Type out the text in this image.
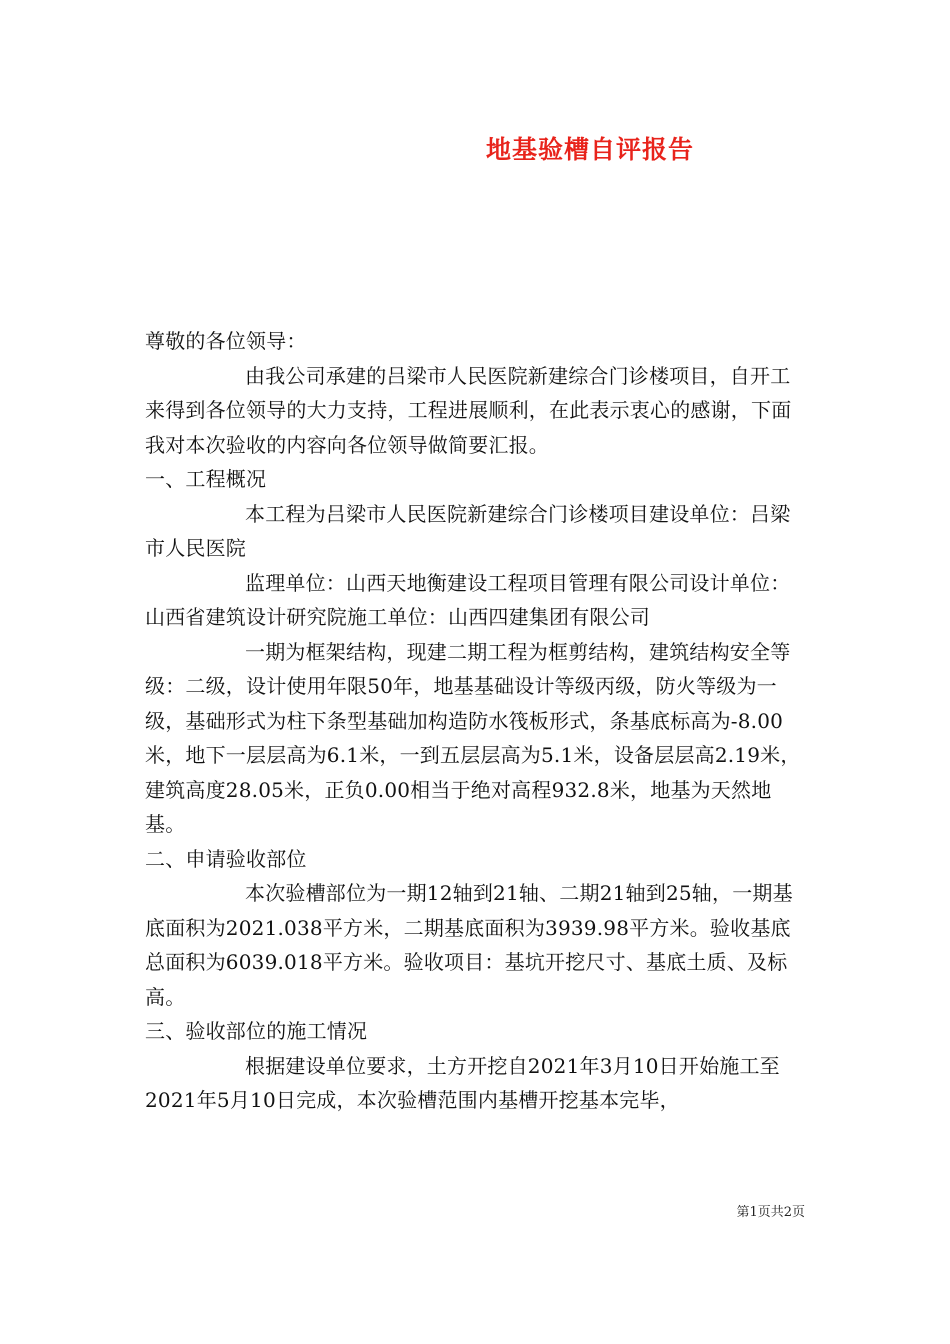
地基验槽自评报告

尊敬的各位领导：

由我公司承建的吕梁市人民医院新建综合门诊楼项目，自开工来得到各位领导的大力支持，工程进展顺利，在此表示衷心的感谢，下面我对本次验收的内容向各位领导做简要汇报。

一、工程概况

本工程为吕梁市人民医院新建综合门诊楼项目建设单位：吕梁市人民医院

监理单位：山西天地衡建设工程项目管理有限公司设计单位：山西省建筑设计研究院施工单位：山西四建集团有限公司

一期为框架结构，现建二期工程为框剪结构，建筑结构安全等级：二级，设计使用年限50年，地基基础设计等级丙级，防火等级为一级，基础形式为柱下条型基础加构造防水筏板形式，条基底标高为-8.00米，地下一层层高为6.1米，一到五层层高为5.1米，设备层层高2.19米，建筑高度28.05米，正负0.00相当于绝对高程932.8米，地基为天然地基。

二、申请验收部位

本次验槽部位为一期12轴到21轴、二期21轴到25轴，一期基底面积为2021.038平方米，二期基底面积为3939.98平方米。验收基底总面积为6039.018平方米。验收项目：基坑开挖尺寸、基底土质、及标高。

三、验收部位的施工情况

根据建设单位要求，土方开挖自2021年3月10日开始施工至2021年5月10日完成，本次验槽范围内基槽开挖基本完毕，

第1页共2页
